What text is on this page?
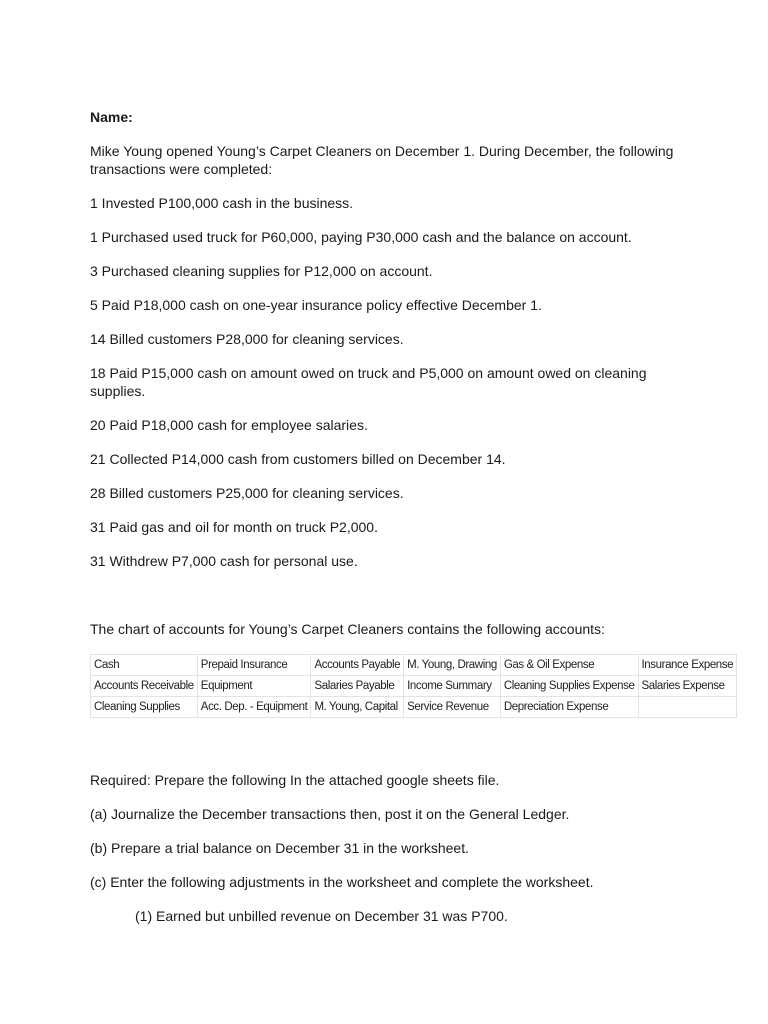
Name:

Mike Young opened Young’s Carpet Cleaners on December 1. During December, the following transactions were completed:

1 Invested P100,000 cash in the business.

1 Purchased used truck for P60,000, paying P30,000 cash and the balance on account.

3 Purchased cleaning supplies for P12,000 on account.

5 Paid P18,000 cash on one-year insurance policy effective December 1.

14 Billed customers P28,000 for cleaning services.

18 Paid P15,000 cash on amount owed on truck and P5,000 on amount owed on cleaning supplies.

20 Paid P18,000 cash for employee salaries.

21 Collected P14,000 cash from customers billed on December 14.

28 Billed customers P25,000 for cleaning services.

31 Paid gas and oil for month on truck P2,000.

31 Withdrew P7,000 cash for personal use.

The chart of accounts for Young’s Carpet Cleaners contains the following accounts:

Cash	Prepaid Insurance	Accounts Payable	M. Young, Drawing	Gas & Oil Expense	Insurance Expense
Accounts Receivable	Equipment	Salaries Payable	Income Summary	Cleaning Supplies Expense	Salaries Expense
Cleaning Supplies	Acc. Dep. - Equipment	M. Young, Capital	Service Revenue	Depreciation Expense	

Required: Prepare the following In the attached google sheets file.

(a) Journalize the December transactions then, post it on the General Ledger.

(b) Prepare a trial balance on December 31 in the worksheet.

(c) Enter the following adjustments in the worksheet and complete the worksheet.

(1) Earned but unbilled revenue on December 31 was P700.
